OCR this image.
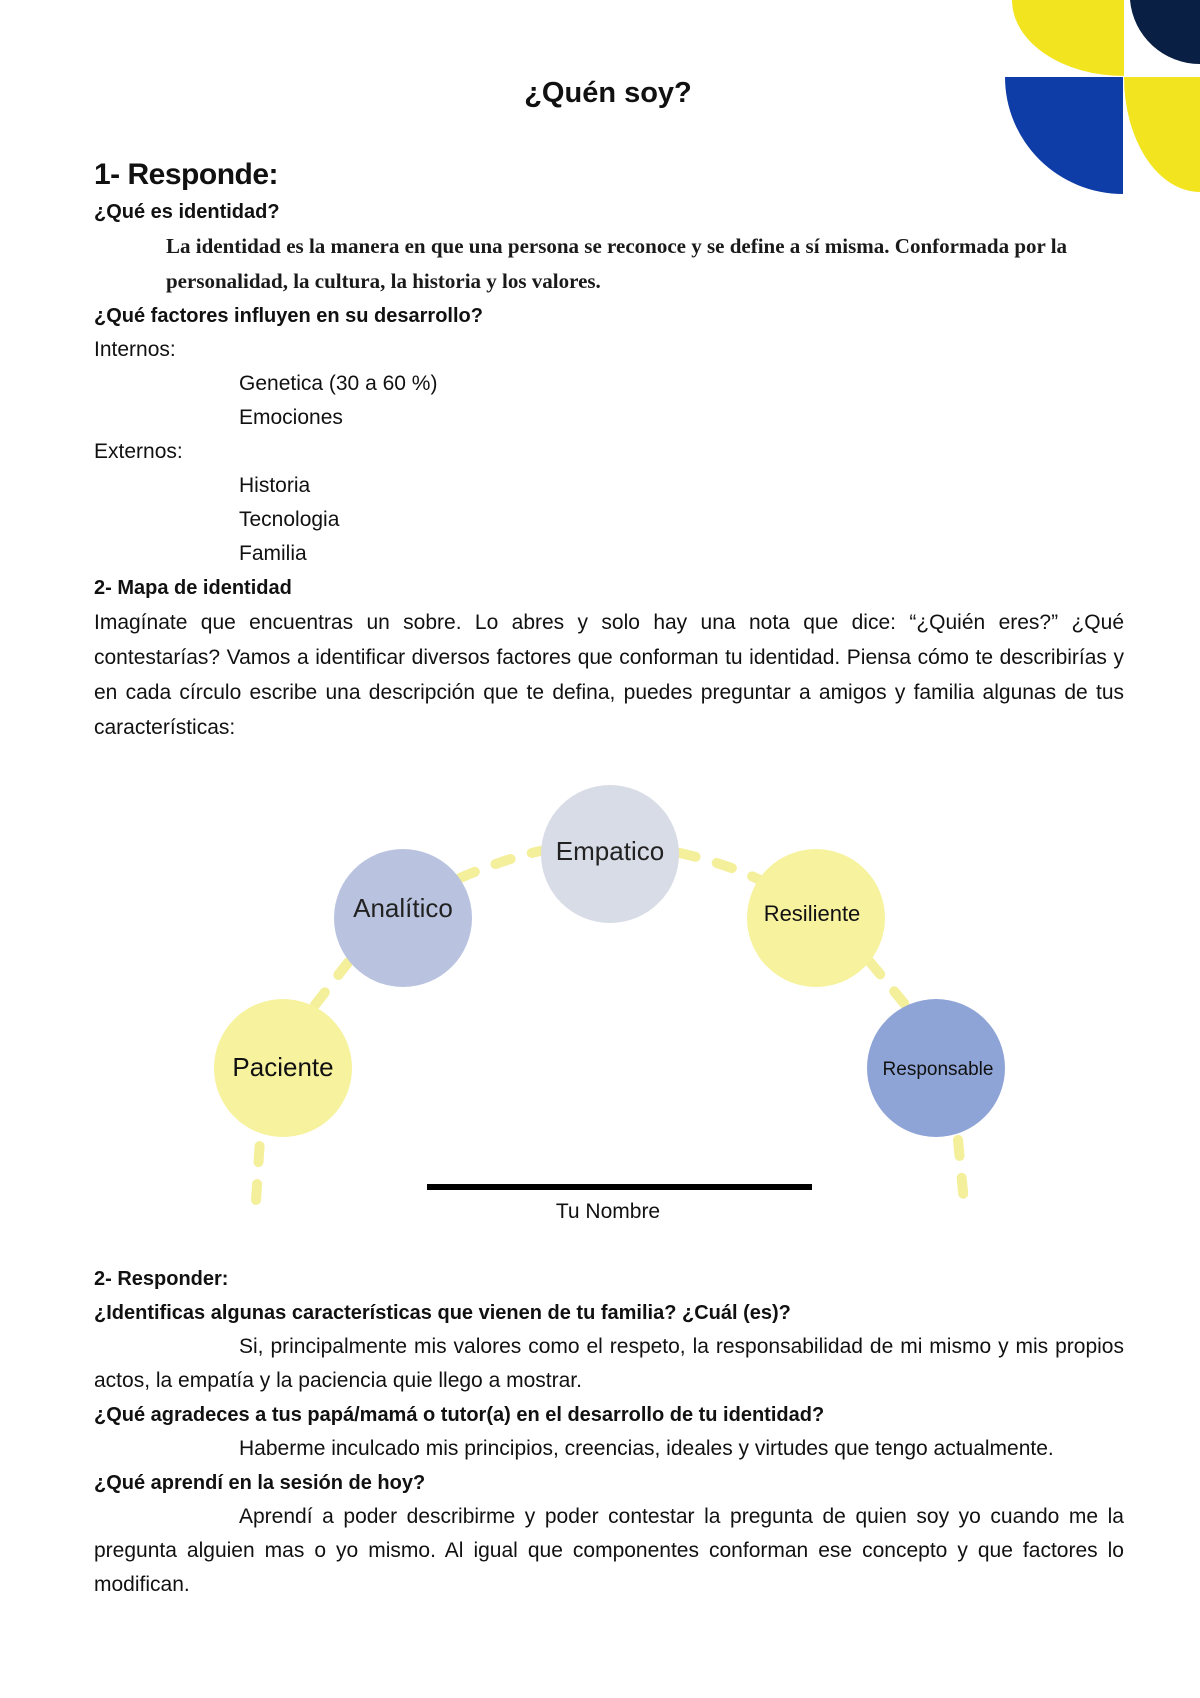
¿Quén soy?

1- Responde:

¿Qué es identidad?

La identidad es la manera en que una persona se reconoce y se define a sí misma. Conformada por la personalidad, la cultura, la historia y los valores.

¿Qué factores influyen en su desarrollo?

Internos:

Genetica (30 a 60 %)

Emociones

Externos:

Historia

Tecnologia

Familia

2- Mapa de identidad

Imagínate que encuentras un sobre. Lo abres y solo hay una nota que dice: “¿Quién eres?” ¿Qué contestarías? Vamos a identificar diversos factores que conforman tu identidad. Piensa cómo te describirías y en cada círculo escribe una descripción que te defina, puedes preguntar a amigos y familia algunas de tus características:

Paciente
Analítico
Empatico
Resiliente
Responsable
Tu Nombre

2- Responder:

¿Identificas algunas características que vienen de tu familia? ¿Cuál (es)?

Si, principalmente mis valores como el respeto, la responsabilidad de mi mismo y mis propios actos, la empatía y la paciencia quie llego a mostrar.

¿Qué agradeces a tus papá/mamá o tutor(a) en el desarrollo de tu identidad?

Haberme inculcado mis principios, creencias, ideales y virtudes que tengo actualmente.

¿Qué aprendí en la sesión de hoy?

Aprendí a poder describirme y poder contestar la pregunta de quien soy yo cuando me la pregunta alguien mas o yo mismo. Al igual que componentes conforman ese concepto y que factores lo modifican.
